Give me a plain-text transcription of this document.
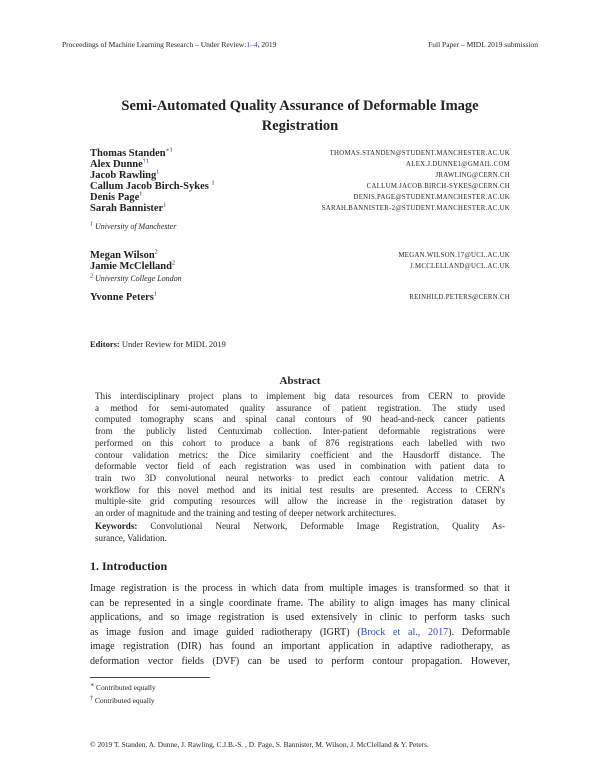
Proceedings of Machine Learning Research – Under Review:1–4, 2019	Full Paper – MIDL 2019 submission
Semi-Automated Quality Assurance of Deformable Image
Registration
$^1$ University of Manchester
$^2$ University College London
Yvonne Peters$^1$	REINHILD.PETERS@CERN.CH
Editors: Under Review for MIDL 2019
Abstract
This interdisciplinary project plans to implement big data resources from CERN to provide
a method for semi-automated quality assurance of patient registration. The study used
computed tomography scans and spinal canal contours of 90 head-and-neck cancer patients
from the publicly listed Centuximab collection. Inter-patient deformable registrations were
performed on this cohort to produce a bank of 876 registrations each labelled with two
contour validation metrics: the Dice similarity coefficient and the Hausdorff distance. The
deformable vector field of each registration was used in combination with patient data to
train two 3D convolutional neural networks to predict each contour validation metric. A
workflow for this novel method and its initial test results are presented. Access to CERN's
multiple-site grid computing resources will allow the increase in the registration dataset by
an order of magnitude and the training and testing of deeper network architectures.
Keywords: Convolutional Neural Network, Deformable Image Registration, Quality As-
surance, Validation.
1. Introduction
Image registration is the process in which data from multiple images is transformed so that it
can be represented in a single coordinate frame. The ability to align images has many clinical
applications, and so image registration is used extensively in clinic to perform tasks such
as image fusion and image guided radiotherapy (IGRT) (Brock et al., 2017). Deformable
image registration (DIR) has found an important application in adaptive radiotherapy, as
deformation vector fields (DVF) can be used to perform contour propagation. However,
∗ Contributed equally
† Contributed equally
© 2019 T. Standen, A. Dunne, J. Rawling, C.J.B.-S. , D. Page, S. Bannister, M. Wilson, J. McClelland & Y. Peters.
Thomas Standen$^{∗1}$	THOMAS.STANDEN@STUDENT.MANCHESTER.AC.UK
Alex Dunne$^{\dagger 1}$	ALEX.J.DUNNE1@GMAIL.COM
Jacob Rawling$^1$	JRAWLING@CERN.CH
Callum Jacob Birch-Sykes $^1$	CALLUM.JACOB.BIRCH-SYKES@CERN.CH
Denis Page$^1$	DENIS.PAGE@STUDENT.MANCHESTER.AC.UK
Sarah Bannister$^1$	SARAH.BANNISTER-2@STUDENT.MANCHESTER.AC.UK
Megan Wilson$^2$	MEGAN.WILSON.17@UCL.AC.UK
Jamie McClelland$^2$	J.MCCLELLAND@UCL.AC.UK
